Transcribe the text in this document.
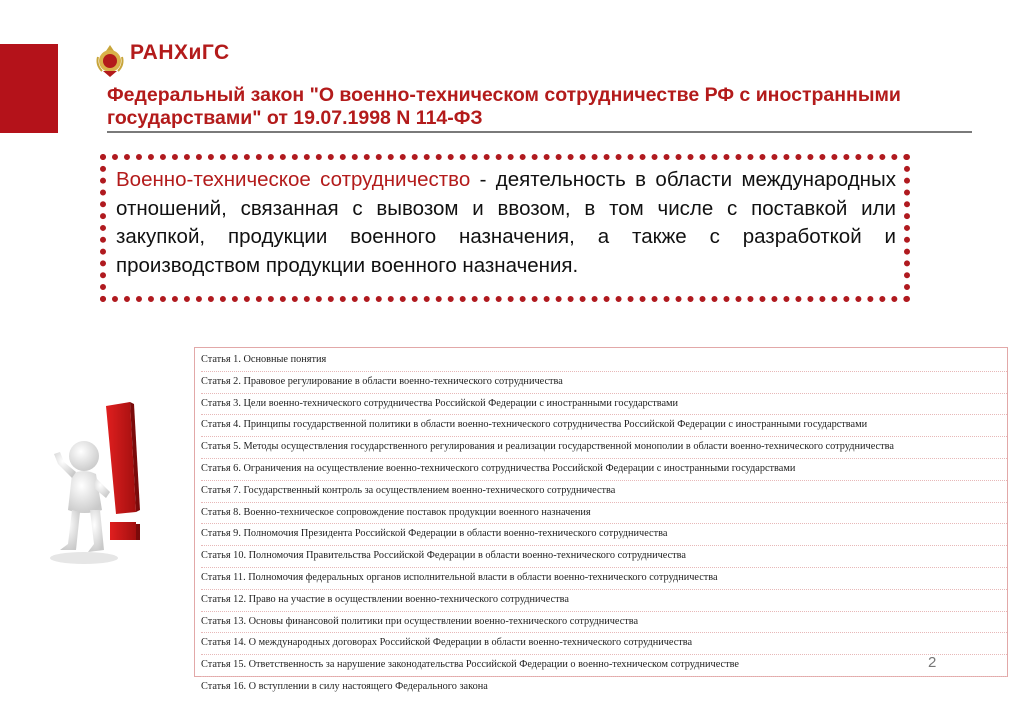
РАНХиГС
Федеральный закон "О военно-техническом сотрудничестве РФ с иностранными государствами" от 19.07.1998 N 114-ФЗ
Военно-техническое сотрудничество - деятельность в области международных отношений, связанная с вывозом и ввозом, в том числе с поставкой или закупкой, продукции военного назначения, а также с разработкой и производством продукции военного назначения.
Статья 1. Основные понятия
Статья 2. Правовое регулирование в области военно-технического сотрудничества
Статья 3. Цели военно-технического сотрудничества Российской Федерации с иностранными государствами
Статья 4. Принципы государственной политики в области военно-технического сотрудничества Российской Федерации с иностранными государствами
Статья 5. Методы осуществления государственного регулирования и реализации государственной монополии в области военно-технического сотрудничества
Статья 6. Ограничения на осуществление военно-технического сотрудничества Российской Федерации с иностранными государствами
Статья 7. Государственный контроль за осуществлением военно-технического сотрудничества
Статья 8. Военно-техническое сопровождение поставок продукции военного назначения
Статья 9. Полномочия Президента Российской Федерации в области военно-технического сотрудничества
Статья 10. Полномочия Правительства Российской Федерации в области военно-технического сотрудничества
Статья 11. Полномочия федеральных органов исполнительной власти в области военно-технического сотрудничества
Статья 12. Право на участие в осуществлении военно-технического сотрудничества
Статья 13. Основы финансовой политики при осуществлении военно-технического сотрудничества
Статья 14. О международных договорах Российской Федерации в области военно-технического сотрудничества
Статья 15. Ответственность за нарушение законодательства Российской Федерации о военно-техническом сотрудничестве
Статья 16. О вступлении в силу настоящего Федерального закона
2
